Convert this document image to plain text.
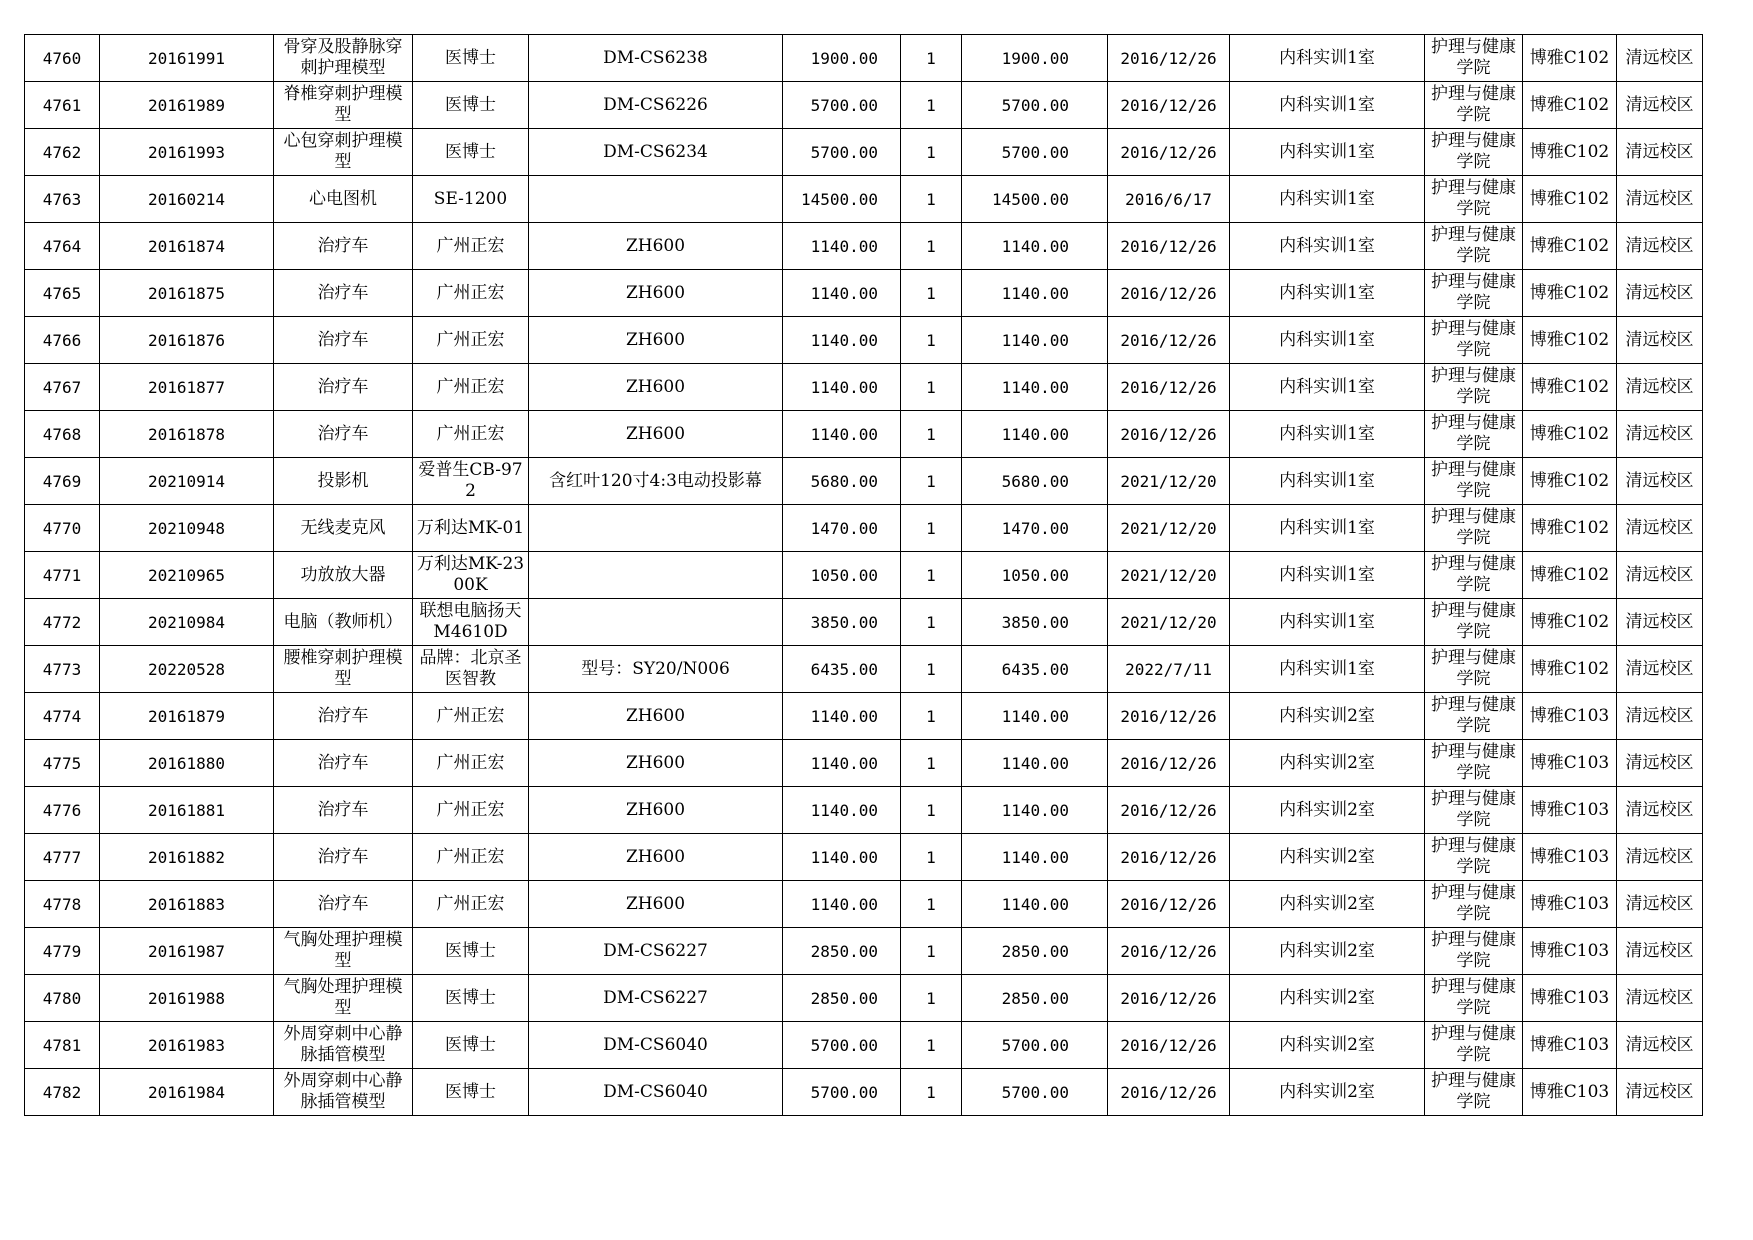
4760	20161991	骨穿及股静脉穿刺护理模型	医博士	DM-CS6238	1900.00	1	1900.00	2016/12/26	内科实训1室	护理与健康学院	博雅C102	清远校区
4761	20161989	脊椎穿刺护理模型	医博士	DM-CS6226	5700.00	1	5700.00	2016/12/26	内科实训1室	护理与健康学院	博雅C102	清远校区
4762	20161993	心包穿刺护理模型	医博士	DM-CS6234	5700.00	1	5700.00	2016/12/26	内科实训1室	护理与健康学院	博雅C102	清远校区
4763	20160214	心电图机	SE-1200		14500.00	1	14500.00	2016/6/17	内科实训1室	护理与健康学院	博雅C102	清远校区
4764	20161874	治疗车	广州正宏	ZH600	1140.00	1	1140.00	2016/12/26	内科实训1室	护理与健康学院	博雅C102	清远校区
4765	20161875	治疗车	广州正宏	ZH600	1140.00	1	1140.00	2016/12/26	内科实训1室	护理与健康学院	博雅C102	清远校区
4766	20161876	治疗车	广州正宏	ZH600	1140.00	1	1140.00	2016/12/26	内科实训1室	护理与健康学院	博雅C102	清远校区
4767	20161877	治疗车	广州正宏	ZH600	1140.00	1	1140.00	2016/12/26	内科实训1室	护理与健康学院	博雅C102	清远校区
4768	20161878	治疗车	广州正宏	ZH600	1140.00	1	1140.00	2016/12/26	内科实训1室	护理与健康学院	博雅C102	清远校区
4769	20210914	投影机	爱普生CB-972	含红叶120寸4:3电动投影幕	5680.00	1	5680.00	2021/12/20	内科实训1室	护理与健康学院	博雅C102	清远校区
4770	20210948	无线麦克风	万利达MK-01		1470.00	1	1470.00	2021/12/20	内科实训1室	护理与健康学院	博雅C102	清远校区
4771	20210965	功放放大器	万利达MK-2300K		1050.00	1	1050.00	2021/12/20	内科实训1室	护理与健康学院	博雅C102	清远校区
4772	20210984	电脑（教师机）	联想电脑扬天M4610D		3850.00	1	3850.00	2021/12/20	内科实训1室	护理与健康学院	博雅C102	清远校区
4773	20220528	腰椎穿刺护理模型	品牌：北京圣医智教	型号：SY20/N006	6435.00	1	6435.00	2022/7/11	内科实训1室	护理与健康学院	博雅C102	清远校区
4774	20161879	治疗车	广州正宏	ZH600	1140.00	1	1140.00	2016/12/26	内科实训2室	护理与健康学院	博雅C103	清远校区
4775	20161880	治疗车	广州正宏	ZH600	1140.00	1	1140.00	2016/12/26	内科实训2室	护理与健康学院	博雅C103	清远校区
4776	20161881	治疗车	广州正宏	ZH600	1140.00	1	1140.00	2016/12/26	内科实训2室	护理与健康学院	博雅C103	清远校区
4777	20161882	治疗车	广州正宏	ZH600	1140.00	1	1140.00	2016/12/26	内科实训2室	护理与健康学院	博雅C103	清远校区
4778	20161883	治疗车	广州正宏	ZH600	1140.00	1	1140.00	2016/12/26	内科实训2室	护理与健康学院	博雅C103	清远校区
4779	20161987	气胸处理护理模型	医博士	DM-CS6227	2850.00	1	2850.00	2016/12/26	内科实训2室	护理与健康学院	博雅C103	清远校区
4780	20161988	气胸处理护理模型	医博士	DM-CS6227	2850.00	1	2850.00	2016/12/26	内科实训2室	护理与健康学院	博雅C103	清远校区
4781	20161983	外周穿刺中心静脉插管模型	医博士	DM-CS6040	5700.00	1	5700.00	2016/12/26	内科实训2室	护理与健康学院	博雅C103	清远校区
4782	20161984	外周穿刺中心静脉插管模型	医博士	DM-CS6040	5700.00	1	5700.00	2016/12/26	内科实训2室	护理与健康学院	博雅C103	清远校区
